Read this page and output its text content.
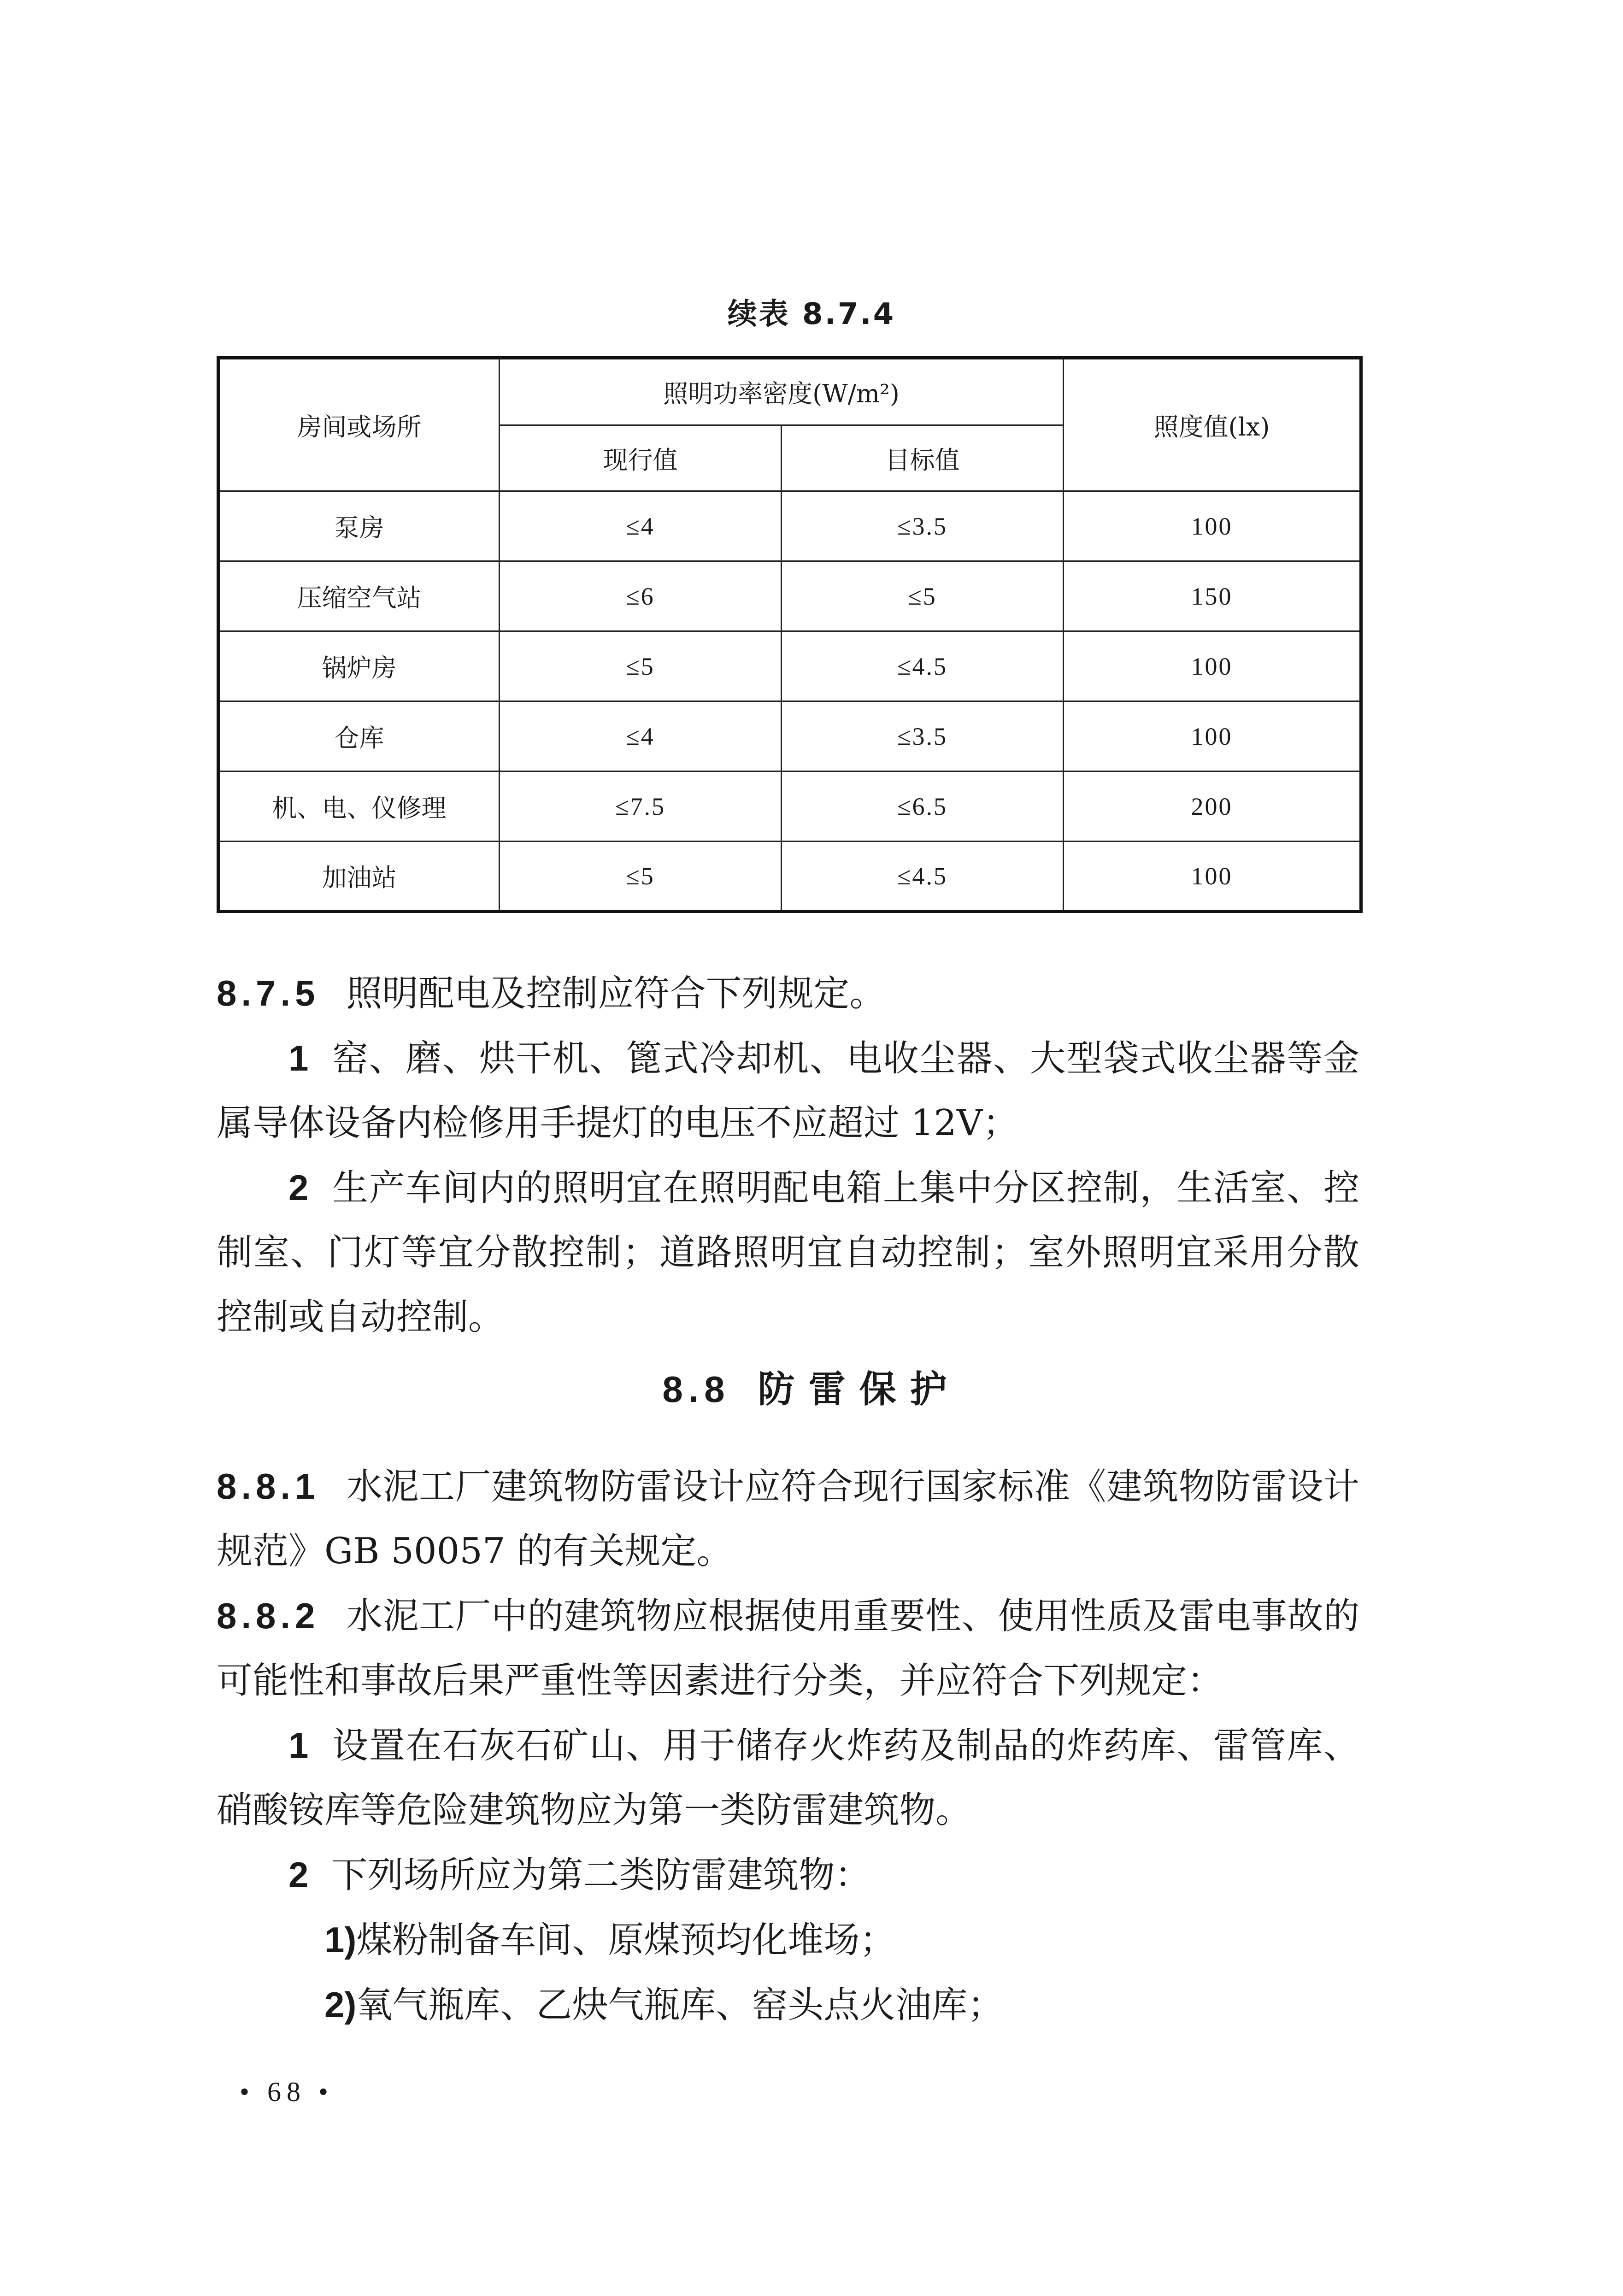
续表 8.7.4
房间或场所	照明功率密度(W/m²)		照度值(lx)
	现行值	目标值	
泵房	≤4	≤3.5	100
压缩空气站	≤6	≤5	150
锅炉房	≤5	≤4.5	100
仓库	≤4	≤3.5	100
机、电、仪修理	≤7.5	≤6.5	200
加油站	≤5	≤4.5	100

8.7.5 照明配电及控制应符合下列规定。

1 窑、磨、烘干机、篦式冷却机、电收尘器、大型袋式收尘器等金属导体设备内检修用手提灯的电压不应超过 12V；

2 生产车间内的照明宜在照明配电箱上集中分区控制，生活室、控制室、门灯等宜分散控制；道路照明宜自动控制；室外照明宜采用分散控制或自动控制。

8.8 防雷保护

8.8.1 水泥工厂建筑物防雷设计应符合现行国家标准《建筑物防雷设计规范》GB 50057 的有关规定。

8.8.2 水泥工厂中的建筑物应根据使用重要性、使用性质及雷电事故的可能性和事故后果严重性等因素进行分类，并应符合下列规定：

1 设置在石灰石矿山、用于储存火炸药及制品的炸药库、雷管库、硝酸铵库等危险建筑物应为第一类防雷建筑物。

2 下列场所应为第二类防雷建筑物：

1)煤粉制备车间、原煤预均化堆场；

2)氧气瓶库、乙炔气瓶库、窑头点火油库；

• 68 •
